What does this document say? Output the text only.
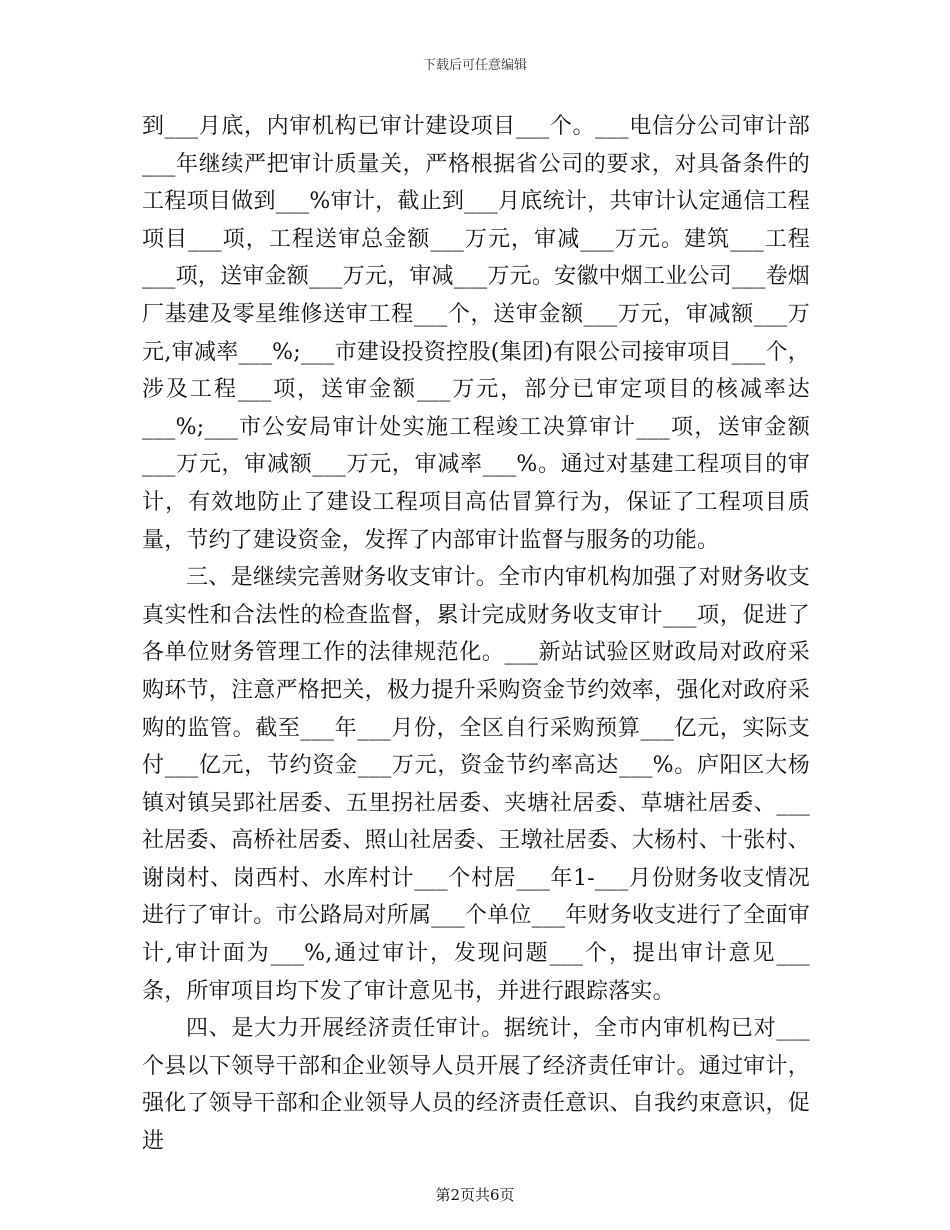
下载后可任意编辑

到___月底，内审机构已审计建设项目___个。___电信分公司审计部___年继续严把审计质量关，严格根据省公司的要求，对具备条件的工程项目做到___%审计，截止到___月底统计，共审计认定通信工程项目___项，工程送审总金额___万元，审减___万元。建筑___工程___项，送审金额___万元，审减___万元。安徽中烟工业公司___卷烟厂基建及零星维修送审工程___个，送审金额___万元，审减额___万元,审减率___%;___市建设投资控股(集团)有限公司接审项目___个，涉及工程___项，送审金额___万元，部分已审定项目的核减率达___%;___市公安局审计处实施工程竣工决算审计___项，送审金额___万元，审减额___万元，审减率___%。通过对基建工程项目的审计，有效地防止了建设工程项目高估冒算行为，保证了工程项目质量，节约了建设资金，发挥了内部审计监督与服务的功能。

三、是继续完善财务收支审计。全市内审机构加强了对财务收支真实性和合法性的检查监督，累计完成财务收支审计___项，促进了各单位财务管理工作的法律规范化。___新站试验区财政局对政府采购环节，注意严格把关，极力提升采购资金节约效率，强化对政府采购的监管。截至___年___月份，全区自行采购预算___亿元，实际支付___亿元，节约资金___万元，资金节约率高达___%。庐阳区大杨镇对镇吴郢社居委、五里拐社居委、夹塘社居委、草塘社居委、___社居委、高桥社居委、照山社居委、王墩社居委、大杨村、十张村、谢岗村、岗西村、水库村计___个村居___年1-___月份财务收支情况进行了审计。市公路局对所属___个单位___年财务收支进行了全面审计,审计面为___%,通过审计，发现问题___个，提出审计意见___条，所审项目均下发了审计意见书，并进行跟踪落实。

四、是大力开展经济责任审计。据统计，全市内审机构已对___个县以下领导干部和企业领导人员开展了经济责任审计。通过审计，强化了领导干部和企业领导人员的经济责任意识、自我约束意识，促进

第2页共6页
